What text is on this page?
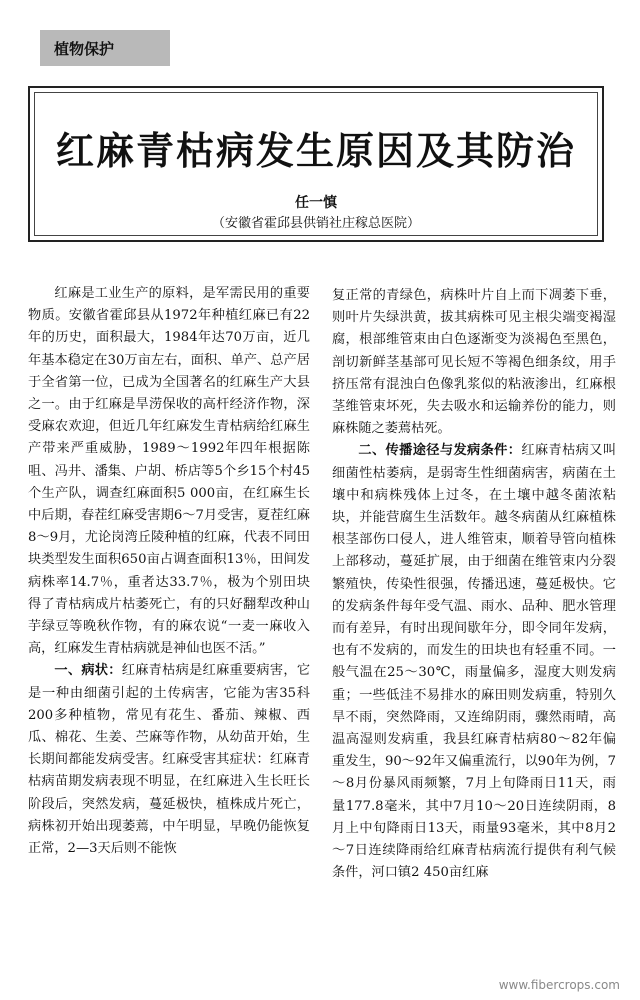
植物保护
红麻青枯病发生原因及其防治
任一慎
（安徽省霍邱县供销社庄稼总医院）

红麻是工业生产的原料，是军需民用的重要物质。安徽省霍邱县从1972年种植红麻已有22年的历史，面积最大，1984年达70万亩，近几年基本稳定在30万亩左右，面积、单产、总产居于全省第一位，已成为全国著名的红麻生产大县之一。由于红麻是旱涝保收的高杆经济作物，深受麻农欢迎，但近几年红麻发生青枯病给红麻生产带来严重威胁，1989～1992年四年根据陈咀、冯井、潘集、户胡、桥店等5个乡15个村45个生产队，调查红麻面积5 000亩，在红麻生长中后期，春茬红麻受害期6～7月受害，夏茬红麻8～9月，尤论岗湾丘陵种植的红麻，代表不同田块类型发生面积650亩占调查面积13％，田间发病株率14.7％，重者达33.7％，极为个别田块得了青枯病成片枯萎死亡，有的只好翻犁改种山芋绿豆等晚秋作物，有的麻农说“一麦一麻收入高，红麻发生青枯病就是神仙也医不活。”

一、病状：红麻青枯病是红麻重要病害，它是一种由细菌引起的土传病害，它能为害35科200多种植物，常见有花生、番茄、辣椒、西瓜、棉花、生姜、苎麻等作物，从幼苗开始，生长期间都能发病受害。红麻受害其症状：红麻青枯病苗期发病表现不明显，在红麻进入生长旺长阶段后，突然发病，蔓延极快，植株成片死亡，病株初开始出现萎蔫，中午明显，早晚仍能恢复正常，2—3天后则不能恢

复正常的青绿色，病株叶片自上而下凋萎下垂，则叶片失绿洪黄，拔其病株可见主根尖端变褐湿腐，根部维管束由白色逐渐变为淡褐色至黑色，剖切新鲜茎基部可见长短不等褐色细条纹，用手挤压常有混浊白色像乳浆似的粘液渗出，红麻根茎维管束坏死，失去吸水和运输养份的能力，则麻株随之萎蔫枯死。

二、传播途径与发病条件：红麻青枯病又叫细菌性枯萎病，是弱寄生性细菌病害，病菌在土壤中和病株残体上过冬，在土壤中越冬菌浓粘块，并能营腐生生活数年。越冬病菌从红麻植株根茎部伤口侵人，进人维管束，顺着导管向植株上部移动，蔓延扩展，由于细菌在维管束内分裂繁殖快，传染性很强，传播迅速，蔓延极快。它的发病条件每年受气温、雨水、品种、肥水管理而有差异，有时出现间歇年分，即令同年发病，也有不发病的，而发生的田块也有轻重不同。一般气温在25～30℃，雨量偏多，湿度大则发病重；一些低洼不易排水的麻田则发病重，特别久旱不雨，突然降雨，又连绵阴雨，骤然雨晴，高温高湿则发病重，我县红麻青枯病80～82年偏重发生，90～92年又偏重流行，以90年为例，7～8月份暴风雨频繁，7月上旬降雨日11天，雨量177.8毫米，其中7月10～20日连续阴雨，8月上中旬降雨日13天，雨量93毫米，其中8月2～7日连续降雨给红麻青枯病流行提供有利气候条件，河口镇2 450亩红麻

www.fibercrops.com
